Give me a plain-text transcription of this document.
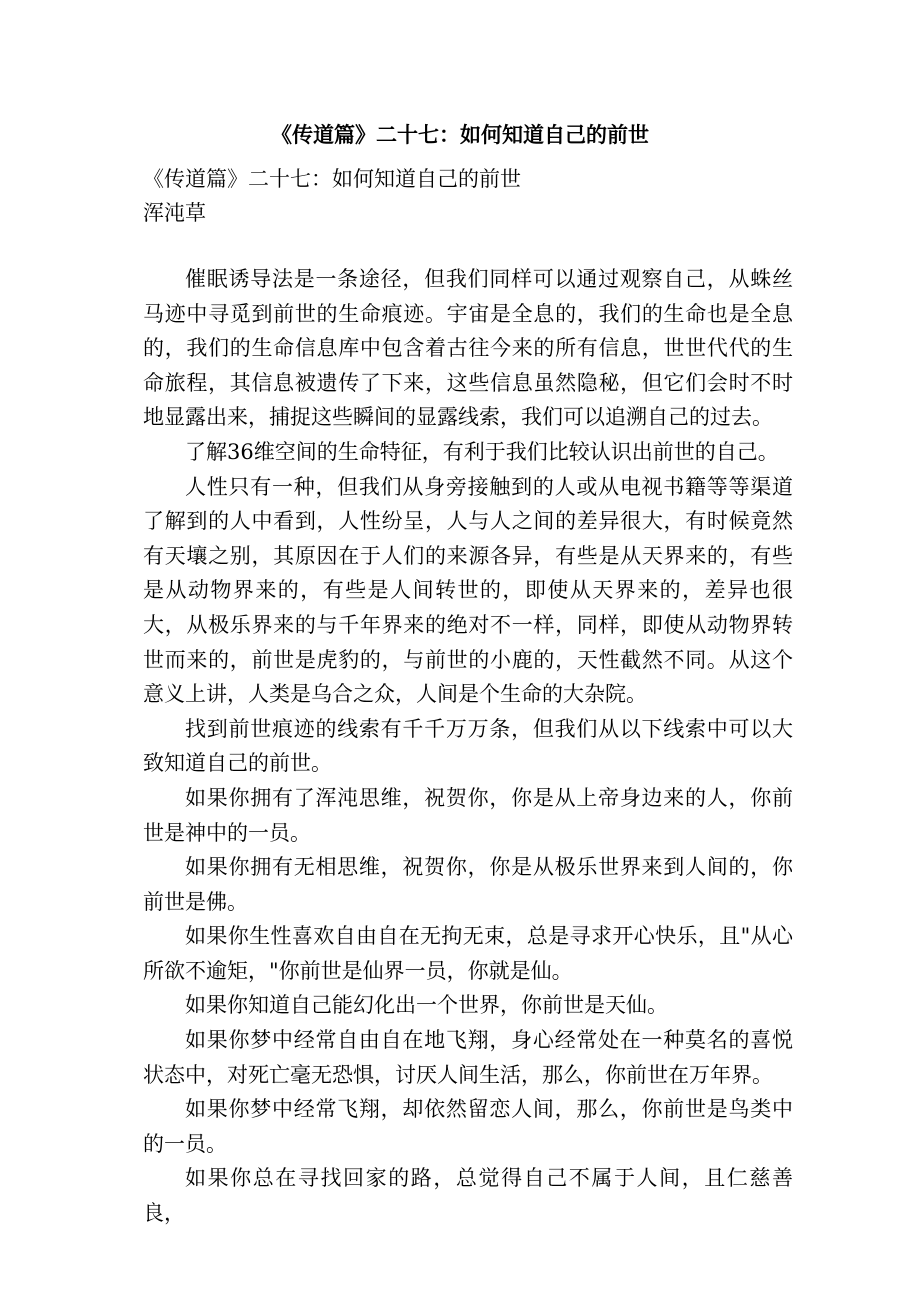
《传道篇》二十七：如何知道自己的前世

《传道篇》二十七：如何知道自己的前世

浑沌草

催眠诱导法是一条途径，但我们同样可以通过观察自己，从蛛丝马迹中寻觅到前世的生命痕迹。宇宙是全息的，我们的生命也是全息的，我们的生命信息库中包含着古往今来的所有信息，世世代代的生命旅程，其信息被遗传了下来，这些信息虽然隐秘，但它们会时不时地显露出来，捕捉这些瞬间的显露线索，我们可以追溯自己的过去。

了解36维空间的生命特征，有利于我们比较认识出前世的自己。

人性只有一种，但我们从身旁接触到的人或从电视书籍等等渠道了解到的人中看到，人性纷呈，人与人之间的差异很大，有时候竟然有天壤之别，其原因在于人们的来源各异，有些是从天界来的，有些是从动物界来的，有些是人间转世的，即使从天界来的，差异也很大，从极乐界来的与千年界来的绝对不一样，同样，即使从动物界转世而来的，前世是虎豹的，与前世的小鹿的，天性截然不同。从这个意义上讲，人类是乌合之众，人间是个生命的大杂院。

找到前世痕迹的线索有千千万万条，但我们从以下线索中可以大致知道自己的前世。

如果你拥有了浑沌思维，祝贺你，你是从上帝身边来的人，你前世是神中的一员。

如果你拥有无相思维，祝贺你，你是从极乐世界来到人间的，你前世是佛。

如果你生性喜欢自由自在无拘无束，总是寻求开心快乐，且"从心所欲不逾矩，"你前世是仙界一员，你就是仙。

如果你知道自己能幻化出一个世界，你前世是天仙。

如果你梦中经常自由自在地飞翔，身心经常处在一种莫名的喜悦状态中，对死亡毫无恐惧，讨厌人间生活，那么，你前世在万年界。

如果你梦中经常飞翔，却依然留恋人间，那么，你前世是鸟类中的一员。

如果你总在寻找回家的路，总觉得自己不属于人间，且仁慈善良，
